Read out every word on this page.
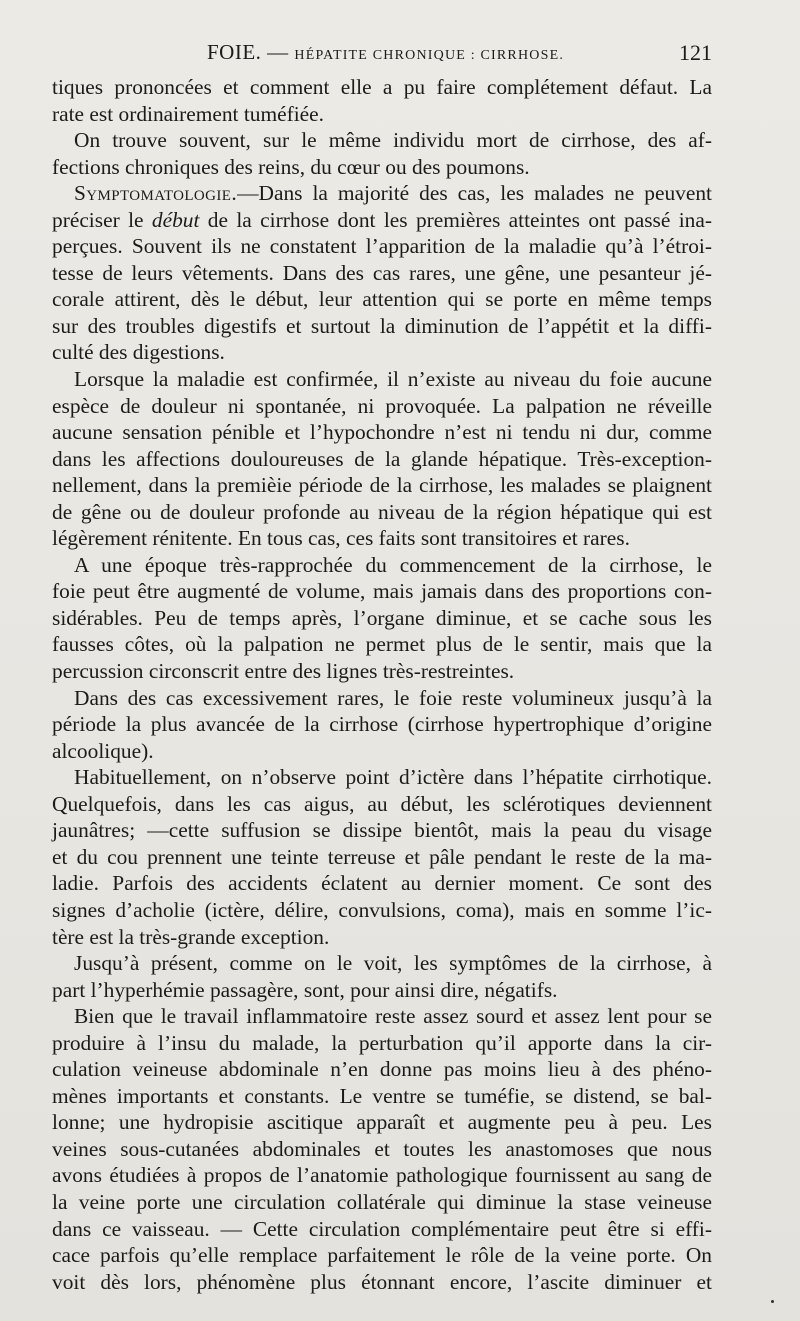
FOIE. — HÉPATITE CHRONIQUE : CIRRHOSE.	121
tiques prononcées et comment elle a pu faire complétement défaut. La
rate est ordinairement tuméfiée.
On trouve souvent, sur le même individu mort de cirrhose, des af-
fections chroniques des reins, du cœur ou des poumons.
Symptomatologie.—Dans la majorité des cas, les malades ne peuvent
préciser le début de la cirrhose dont les premières atteintes ont passé ina-
perçues. Souvent ils ne constatent l’apparition de la maladie qu’à l’étroi-
tesse de leurs vêtements. Dans des cas rares, une gêne, une pesanteur jé-
corale attirent, dès le début, leur attention qui se porte en même temps
sur des troubles digestifs et surtout la diminution de l’appétit et la diffi-
culté des digestions.
Lorsque la maladie est confirmée, il n’existe au niveau du foie aucune
espèce de douleur ni spontanée, ni provoquée. La palpation ne réveille
aucune sensation pénible et l’hypochondre n’est ni tendu ni dur, comme
dans les affections douloureuses de la glande hépatique. Très-exception-
nellement, dans la premièie période de la cirrhose, les malades se plaignent
de gêne ou de douleur profonde au niveau de la région hépatique qui est
légèrement rénitente. En tous cas, ces faits sont transitoires et rares.
A une époque très-rapprochée du commencement de la cirrhose, le
foie peut être augmenté de volume, mais jamais dans des proportions con-
sidérables. Peu de temps après, l’organe diminue, et se cache sous les
fausses côtes, où la palpation ne permet plus de le sentir, mais que la
percussion circonscrit entre des lignes très-restreintes.
Dans des cas excessivement rares, le foie reste volumineux jusqu’à la
période la plus avancée de la cirrhose (cirrhose hypertrophique d’origine
alcoolique).
Habituellement, on n’observe point d’ictère dans l’hépatite cirrhotique.
Quelquefois, dans les cas aigus, au début, les sclérotiques deviennent
jaunâtres; —cette suffusion se dissipe bientôt, mais la peau du visage
et du cou prennent une teinte terreuse et pâle pendant le reste de la ma-
ladie. Parfois des accidents éclatent au dernier moment. Ce sont des
signes d’acholie (ictère, délire, convulsions, coma), mais en somme l’ic-
tère est la très-grande exception.
Jusqu’à présent, comme on le voit, les symptômes de la cirrhose, à
part l’hyperhémie passagère, sont, pour ainsi dire, négatifs.
Bien que le travail inflammatoire reste assez sourd et assez lent pour se
produire à l’insu du malade, la perturbation qu’il apporte dans la cir-
culation veineuse abdominale n’en donne pas moins lieu à des phéno-
mènes importants et constants. Le ventre se tuméfie, se distend, se bal-
lonne; une hydropisie ascitique apparaît et augmente peu à peu. Les
veines sous-cutanées abdominales et toutes les anastomoses que nous
avons étudiées à propos de l’anatomie pathologique fournissent au sang de
la veine porte une circulation collatérale qui diminue la stase veineuse
dans ce vaisseau. — Cette circulation complémentaire peut être si effi-
cace parfois qu’elle remplace parfaitement le rôle de la veine porte. On
voit dès lors, phénomène plus étonnant encore, l’ascite diminuer et
